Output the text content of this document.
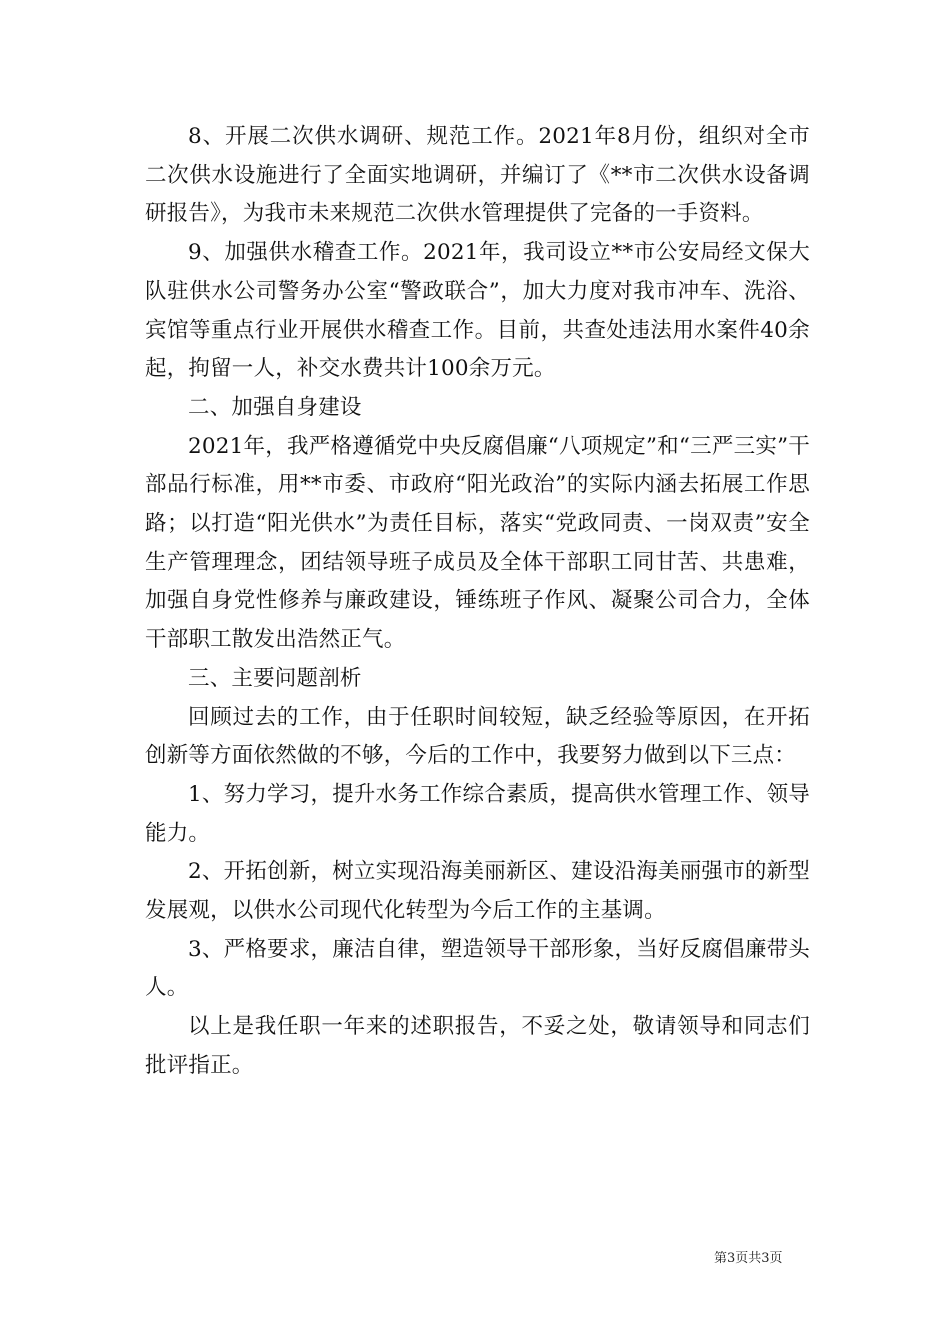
8、开展二次供水调研、规范工作。2021年8月份，组织对全市二次供水设施进行了全面实地调研，并编订了《**市二次供水设备调研报告》，为我市未来规范二次供水管理提供了完备的一手资料。

9、加强供水稽查工作。2021年，我司设立**市公安局经文保大队驻供水公司警务办公室“警政联合”，加大力度对我市冲车、洗浴、宾馆等重点行业开展供水稽查工作。目前，共查处违法用水案件40余起，拘留一人，补交水费共计100余万元。

二、加强自身建设

2021年，我严格遵循党中央反腐倡廉“八项规定”和“三严三实”干部品行标准，用**市委、市政府“阳光政治”的实际内涵去拓展工作思路；以打造“阳光供水”为责任目标，落实“党政同责、一岗双责”安全生产管理理念，团结领导班子成员及全体干部职工同甘苦、共患难，加强自身党性修养与廉政建设，锤练班子作风、凝聚公司合力，全体干部职工散发出浩然正气。

三、主要问题剖析

回顾过去的工作，由于任职时间较短，缺乏经验等原因，在开拓创新等方面依然做的不够，今后的工作中，我要努力做到以下三点：

1、努力学习，提升水务工作综合素质，提高供水管理工作、领导能力。

2、开拓创新，树立实现沿海美丽新区、建设沿海美丽强市的新型发展观，以供水公司现代化转型为今后工作的主基调。

3、严格要求，廉洁自律，塑造领导干部形象，当好反腐倡廉带头人。

以上是我任职一年来的述职报告，不妥之处，敬请领导和同志们批评指正。

第3页共3页
